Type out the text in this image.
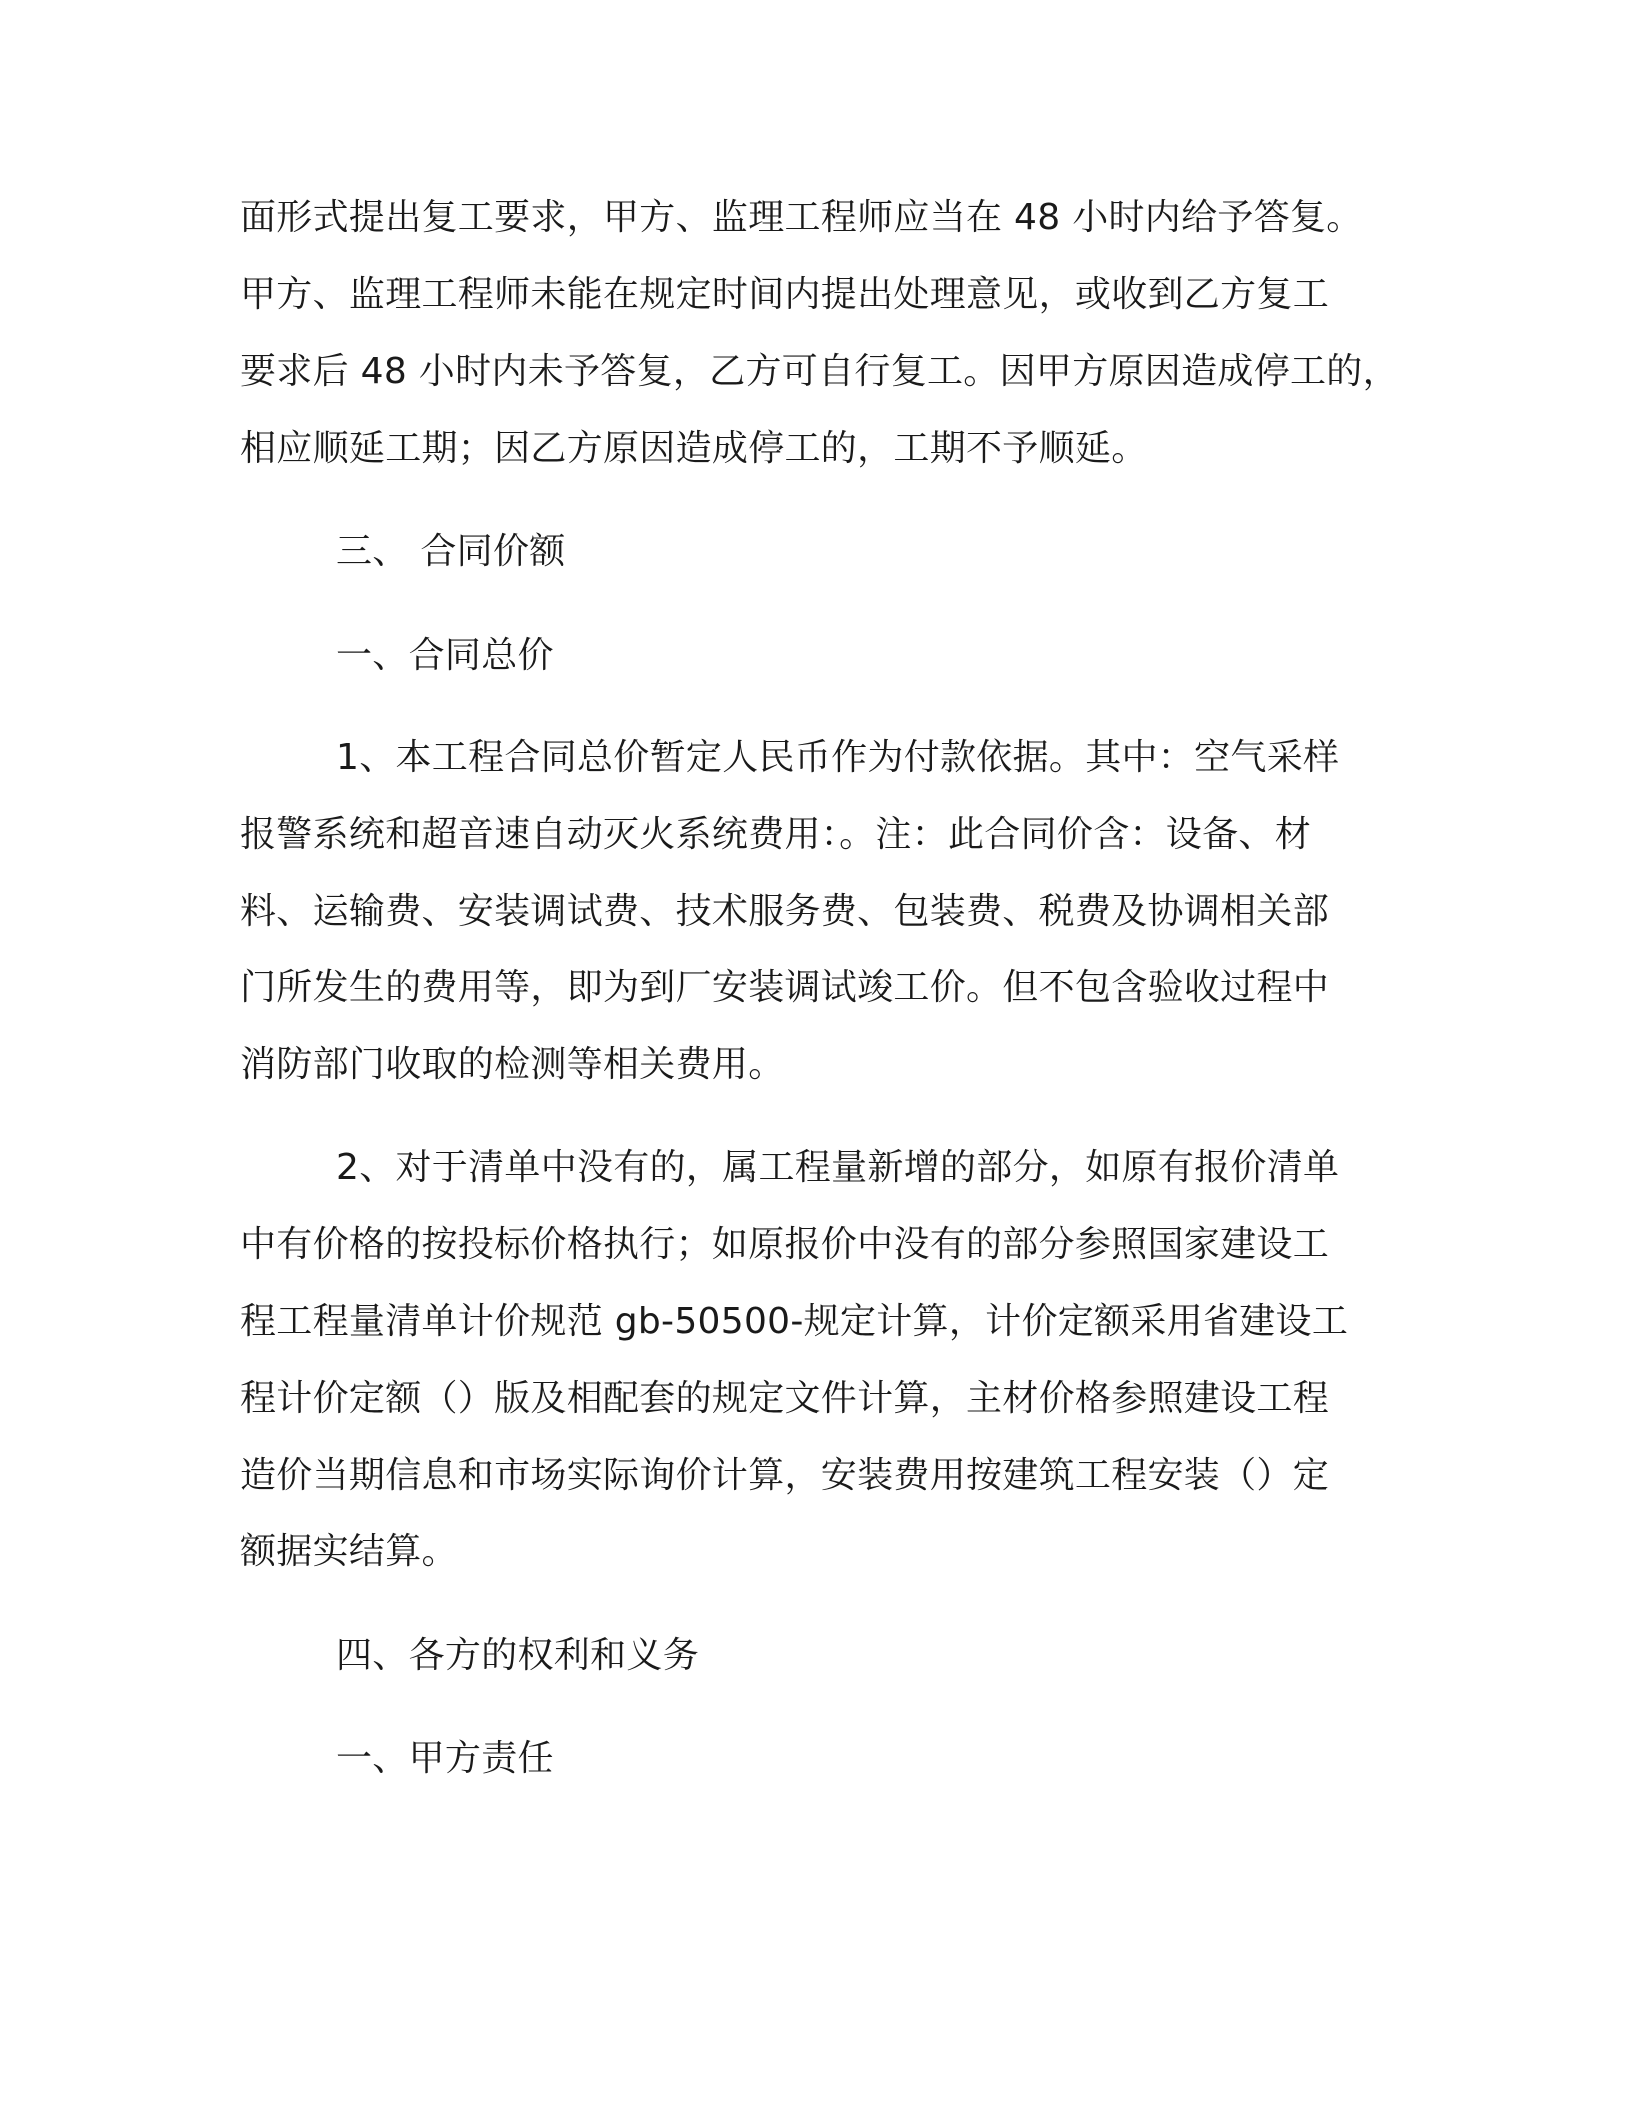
面形式提出复工要求，甲方、监理工程师应当在 48 小时内给予答复。

甲方、监理工程师未能在规定时间内提出处理意见，或收到乙方复工

要求后 48 小时内未予答复，乙方可自行复工。因甲方原因造成停工的，

相应顺延工期；因乙方原因造成停工的，工期不予顺延。

三、 合同价额

一、合同总价

1、本工程合同总价暂定人民币作为付款依据。其中：空气采样

报警系统和超音速自动灭火系统费用：。注：此合同价含：设备、材

料、运输费、安装调试费、技术服务费、包装费、税费及协调相关部

门所发生的费用等，即为到厂安装调试竣工价。但不包含验收过程中

消防部门收取的检测等相关费用。

2、对于清单中没有的，属工程量新增的部分，如原有报价清单

中有价格的按投标价格执行；如原报价中没有的部分参照国家建设工

程工程量清单计价规范 gb-50500-规定计算，计价定额采用省建设工

程计价定额（）版及相配套的规定文件计算，主材价格参照建设工程

造价当期信息和市场实际询价计算，安装费用按建筑工程安装（）定

额据实结算。

四、各方的权利和义务

一、甲方责任
